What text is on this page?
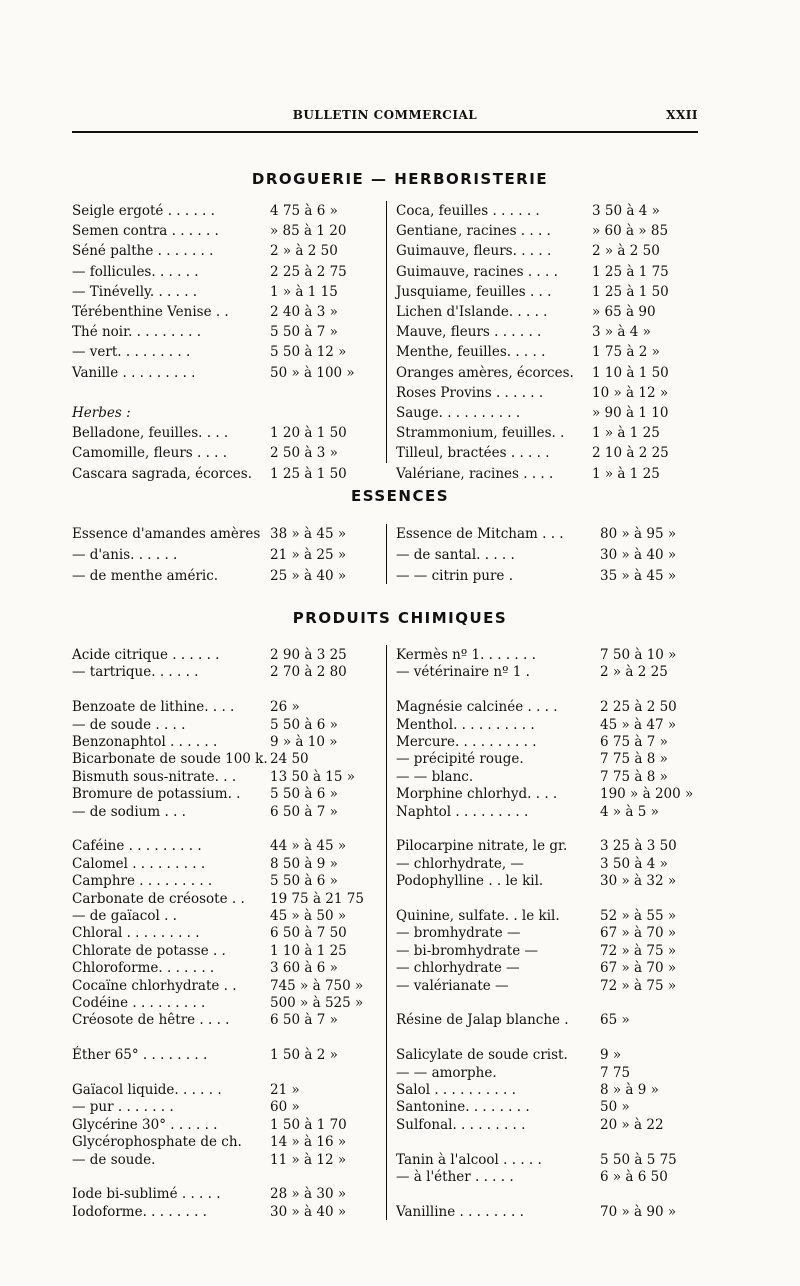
BULLETIN COMMERCIAL	XXII
DROGUERIE — HERBORISTERIE
Seigle ergoté . . . . . .	4 75 à 6 »
Semen contra . . . . . .	» 85 à 1 20
Séné palthe . . . . . . .	2 » à 2 50
— follicules. . . . . .	2 25 à 2 75
— Tinévelly. . . . . .	1 » à 1 15
Térébenthine Venise . .	2 40 à 3 »
Thé noir. . . . . . . . .	5 50 à 7 »
— vert. . . . . . . . .	5 50 à 12 »
Vanille . . . . . . . . .	50 » à 100 »
Herbes :
Belladone, feuilles. . . .	1 20 à 1 50
Camomille, fleurs . . . .	2 50 à 3 »
Cascara sagrada, écorces. 1 25 à 1 50
Coca, feuilles . . . . . .	3 50 à 4 »
Gentiane, racines . . . .	» 60 à » 85
Guimauve, fleurs. . . . .	2 » à 2 50
Guimauve, racines . . . .	1 25 à 1 75
Jusquiame, feuilles . . .	1 25 à 1 50
Lichen d'Islande. . . . .	» 65 à 90
Mauve, fleurs . . . . . .	3 » à 4 »
Menthe, feuilles. . . . .	1 75 à 2 »
Oranges amères, écorces. 1 10 à 1 50
Roses Provins . . . . . .	10 » à 12 »
Sauge. . . . . . . . . .	» 90 à 1 10
Strammonium, feuilles. . 1 » à 1 25
Tilleul, bractées . . . . .	2 10 à 2 25
Valériane, racines . . . .	1 » à 1 25
ESSENCES
Essence d'amandes amères 38 » à 45 »
— d'anis. . . . . .	21 » à 25 »
— de menthe améric.	25 » à 40 »
Essence de Mitcham . . .	80 » à 95 »
— de santal. . . . .	30 » à 40 »
— — citrin pure .	35 » à 45 »
PRODUITS CHIMIQUES
Acide citrique . . . . . .	2 90 à 3 25
— tartrique. . . . . .	2 70 à 2 80
Benzoate de lithine. . . .	26 »
— de soude . . . .	5 50 à 6 »
Benzonaphtol . . . . . .	9 » à 10 »
Bicarbonate de soude 100 k. 24 50
Bismuth sous-nitrate. . .	13 50 à 15 »
Bromure de potassium. . 5 50 à 6 »
— de sodium . . .	6 50 à 7 »
Caféine . . . . . . . . .	44 » à 45 »
Calomel . . . . . . . . .	8 50 à 9 »
Camphre . . . . . . . . .	5 50 à 6 »
Carbonate de créosote . . 19 75 à 21 75
— de gaïacol . .	45 » à 50 »
Chloral . . . . . . . . .	6 50 à 7 50
Chlorate de potasse . .	1 10 à 1 25
Chloroforme. . . . . . .	3 60 à 6 »
Cocaïne chlorhydrate . . 745 » à 750 »
Codéine . . . . . . . . .	500 » à 525 »
Créosote de hêtre . . . .	6 50 à 7 »
Éther 65° . . . . . . . .	1 50 à 2 »
Gaïacol liquide. . . . . .	21 »
— pur . . . . . . .	60 »
Glycérine 30° . . . . . .	1 50 à 1 70
Glycérophosphate de ch. 14 » à 16 »
— de soude.	11 » à 12 »
Iode bi-sublimé . . . . .	28 » à 30 »
Iodoforme. . . . . . . .	30 » à 40 »
Kermès nº 1. . . . . . .	7 50 à 10 »
— vétérinaire nº 1 .	2 » à 2 25
Magnésie calcinée . . . .	2 25 à 2 50
Menthol. . . . . . . . . .	45 » à 47 »
Mercure. . . . . . . . . .	6 75 à 7 »
— précipité rouge.	7 75 à 8 »
— — blanc.	7 75 à 8 »
Morphine chlorhyd. . . .	190 » à 200 »
Naphtol . . . . . . . . .	4 » à 5 »
Pilocarpine nitrate, le gr. 3 25 à 3 50
— chlorhydrate, —	3 50 à 4 »
Podophylline . . le kil.	30 » à 32 »
Quinine, sulfate. . le kil.	52 » à 55 »
— bromhydrate —	67 » à 70 »
— bi-bromhydrate —	72 » à 75 »
— chlorhydrate —	67 » à 70 »
— valérianate —	72 » à 75 »
Résine de Jalap blanche . 65 »
Salicylate de soude crist. 9 »
— — amorphe.	7 75
Salol . . . . . . . . . .	8 » à 9 »
Santonine. . . . . . . .	50 »
Sulfonal. . . . . . . . .	20 » à 22
Tanin à l'alcool . . . . .	5 50 à 5 75
— à l'éther . . . . .	6 » à 6 50
Vanilline . . . . . . . .	70 » à 90 »
